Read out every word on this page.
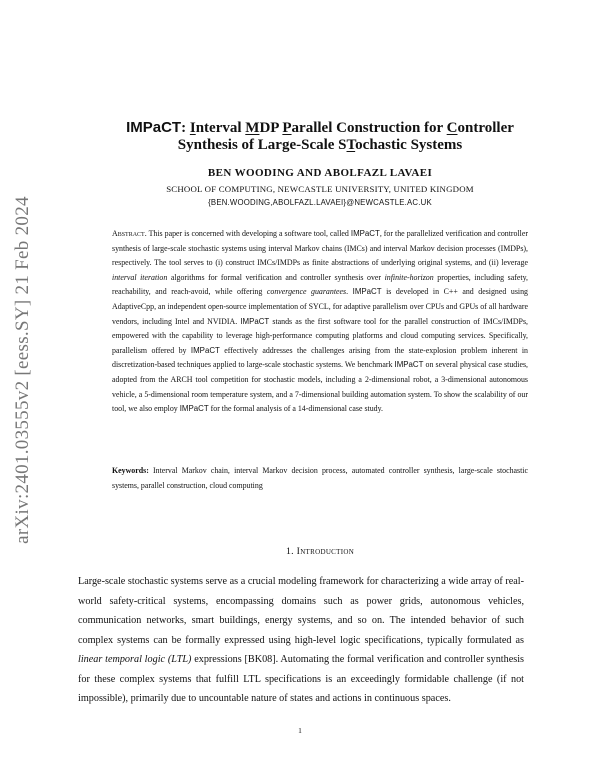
arXiv:2401.03555v2 [eess.SY] 21 Feb 2024
IMPaCT: Interval MDP Parallel Construction for Controller
Synthesis of Large-Scale STochastic Systems
BEN WOODING AND ABOLFAZL LAVAEI
SCHOOL OF COMPUTING, NEWCASTLE UNIVERSITY, UNITED KINGDOM
{BEN.WOODING,ABOLFAZL.LAVAEI}@NEWCASTLE.AC.UK

Abstract. This paper is concerned with developing a software tool, called IMPaCT, for the parallelized verification and controller synthesis of large-scale stochastic systems using interval Markov chains (IMCs) and interval Markov decision processes (IMDPs), respectively. The tool serves to (i) construct IMCs/IMDPs as finite abstractions of underlying original systems, and (ii) leverage interval iteration algorithms for formal verification and controller synthesis over infinite-horizon properties, including safety, reachability, and reach-avoid, while offering convergence guarantees. IMPaCT is developed in C++ and designed using AdaptiveCpp, an independent open-source implementation of SYCL, for adaptive parallelism over CPUs and GPUs of all hardware vendors, including Intel and NVIDIA. IMPaCT stands as the first software tool for the parallel construction of IMCs/IMDPs, empowered with the capability to leverage high-performance computing platforms and cloud computing services. Specifically, parallelism offered by IMPaCT effectively addresses the challenges arising from the state-explosion problem inherent in discretization-based techniques applied to large-scale stochastic systems. We benchmark IMPaCT on several physical case studies, adopted from the ARCH tool competition for stochastic models, including a 2-dimensional robot, a 3-dimensional autonomous vehicle, a 5-dimensional room temperature system, and a 7-dimensional building automation system. To show the scalability of our tool, we also employ IMPaCT for the formal analysis of a 14-dimensional case study.

Keywords: Interval Markov chain, interval Markov decision process, automated controller synthesis, large-scale stochastic systems, parallel construction, cloud computing

1. Introduction

Large-scale stochastic systems serve as a crucial modeling framework for characterizing a wide array of real-world safety-critical systems, encompassing domains such as power grids, autonomous vehicles, communication networks, smart buildings, energy systems, and so on. The intended behavior of such complex systems can be formally expressed using high-level logic specifications, typically formulated as linear temporal logic (LTL) expressions [BK08]. Automating the formal verification and controller synthesis for these complex systems that fulfill LTL specifications is an exceedingly formidable challenge (if not impossible), primarily due to uncountable nature of states and actions in continuous spaces.

1
